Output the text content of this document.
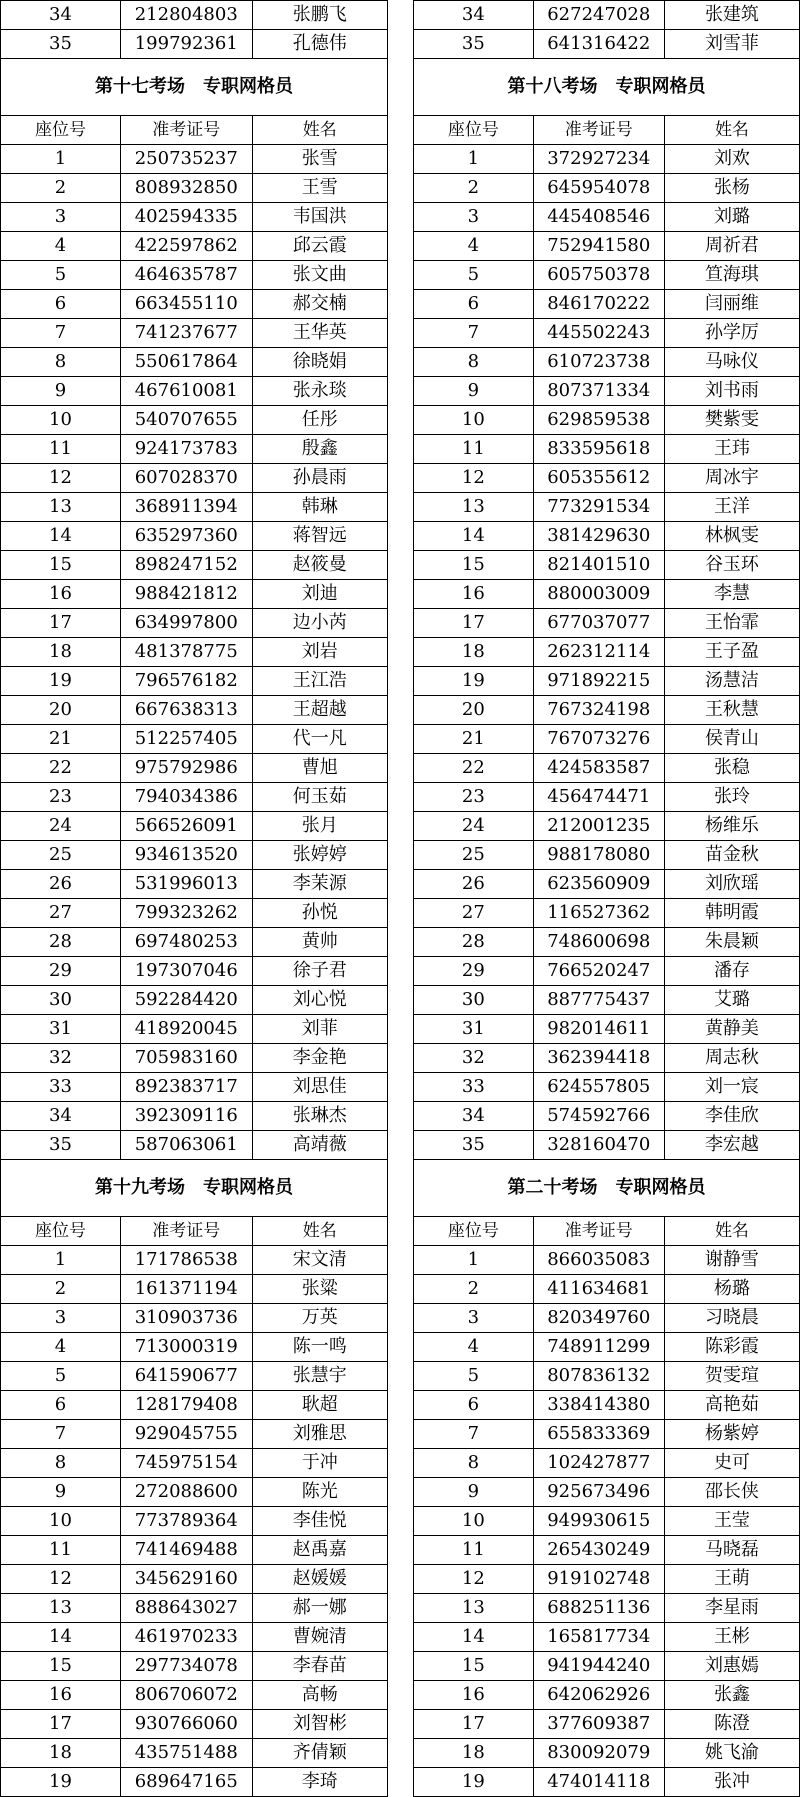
34	212804803	张鹏飞
35	199792361	孔德伟
第十七考场　专职网格员		
座位号	准考证号	姓名
1	250735237	张雪
2	808932850	王雪
3	402594335	韦国洪
4	422597862	邱云霞
5	464635787	张文曲
6	663455110	郝交楠
7	741237677	王华英
8	550617864	徐晓娟
9	467610081	张永琰
10	540707655	任彤
11	924173783	殷鑫
12	607028370	孙晨雨
13	368911394	韩琳
14	635297360	蒋智远
15	898247152	赵筱曼
16	988421812	刘迪
17	634997800	边小芮
18	481378775	刘岩
19	796576182	王江浩
20	667638313	王超越
21	512257405	代一凡
22	975792986	曹旭
23	794034386	何玉茹
24	566526091	张月
25	934613520	张婷婷
26	531996013	李茉源
27	799323262	孙悦
28	697480253	黄帅
29	197307046	徐子君
30	592284420	刘心悦
31	418920045	刘菲
32	705983160	李金艳
33	892383717	刘思佳
34	392309116	张琳杰
35	587063061	高靖薇
第十九考场　专职网格员		
座位号	准考证号	姓名
1	171786538	宋文清
2	161371194	张粱
3	310903736	万英
4	713000319	陈一鸣
5	641590677	张慧宇
6	128179408	耿超
7	929045755	刘雅思
8	745975154	于冲
9	272088600	陈光
10	773789364	李佳悦
11	741469488	赵禹嘉
12	345629160	赵媛媛
13	888643027	郝一娜
14	461970233	曹婉清
15	297734078	李春苗
16	806706072	高畅
17	930766060	刘智彬
18	435751488	齐倩颖
19	689647165	李琦

34	627247028	张建筑
35	641316422	刘雪菲
第十八考场　专职网格员		
座位号	准考证号	姓名
1	372927234	刘欢
2	645954078	张杨
3	445408546	刘璐
4	752941580	周祈君
5	605750378	笪海琪
6	846170222	闫丽维
7	445502243	孙学厉
8	610723738	马咏仪
9	807371334	刘书雨
10	629859538	樊紫雯
11	833595618	王玮
12	605355612	周冰宇
13	773291534	王洋
14	381429630	林枫雯
15	821401510	谷玉环
16	880003009	李慧
17	677037077	王怡霏
18	262312114	王子盈
19	971892215	汤慧洁
20	767324198	王秋慧
21	767073276	侯青山
22	424583587	张稳
23	456474471	张玲
24	212001235	杨维乐
25	988178080	苗金秋
26	623560909	刘欣瑶
27	116527362	韩明霞
28	748600698	朱晨颖
29	766520247	潘存
30	887775437	艾璐
31	982014611	黄静美
32	362394418	周志秋
33	624557805	刘一宸
34	574592766	李佳欣
35	328160470	李宏越
第二十考场　专职网格员		
座位号	准考证号	姓名
1	866035083	谢静雪
2	411634681	杨璐
3	820349760	习晓晨
4	748911299	陈彩霞
5	807836132	贺雯瑄
6	338414380	高艳茹
7	655833369	杨紫婷
8	102427877	史可
9	925673496	邵长侠
10	949930615	王莹
11	265430249	马晓磊
12	919102748	王萌
13	688251136	李星雨
14	165817734	王彬
15	941944240	刘惠嫣
16	642062926	张鑫
17	377609387	陈澄
18	830092079	姚飞渝
19	474014118	张冲
